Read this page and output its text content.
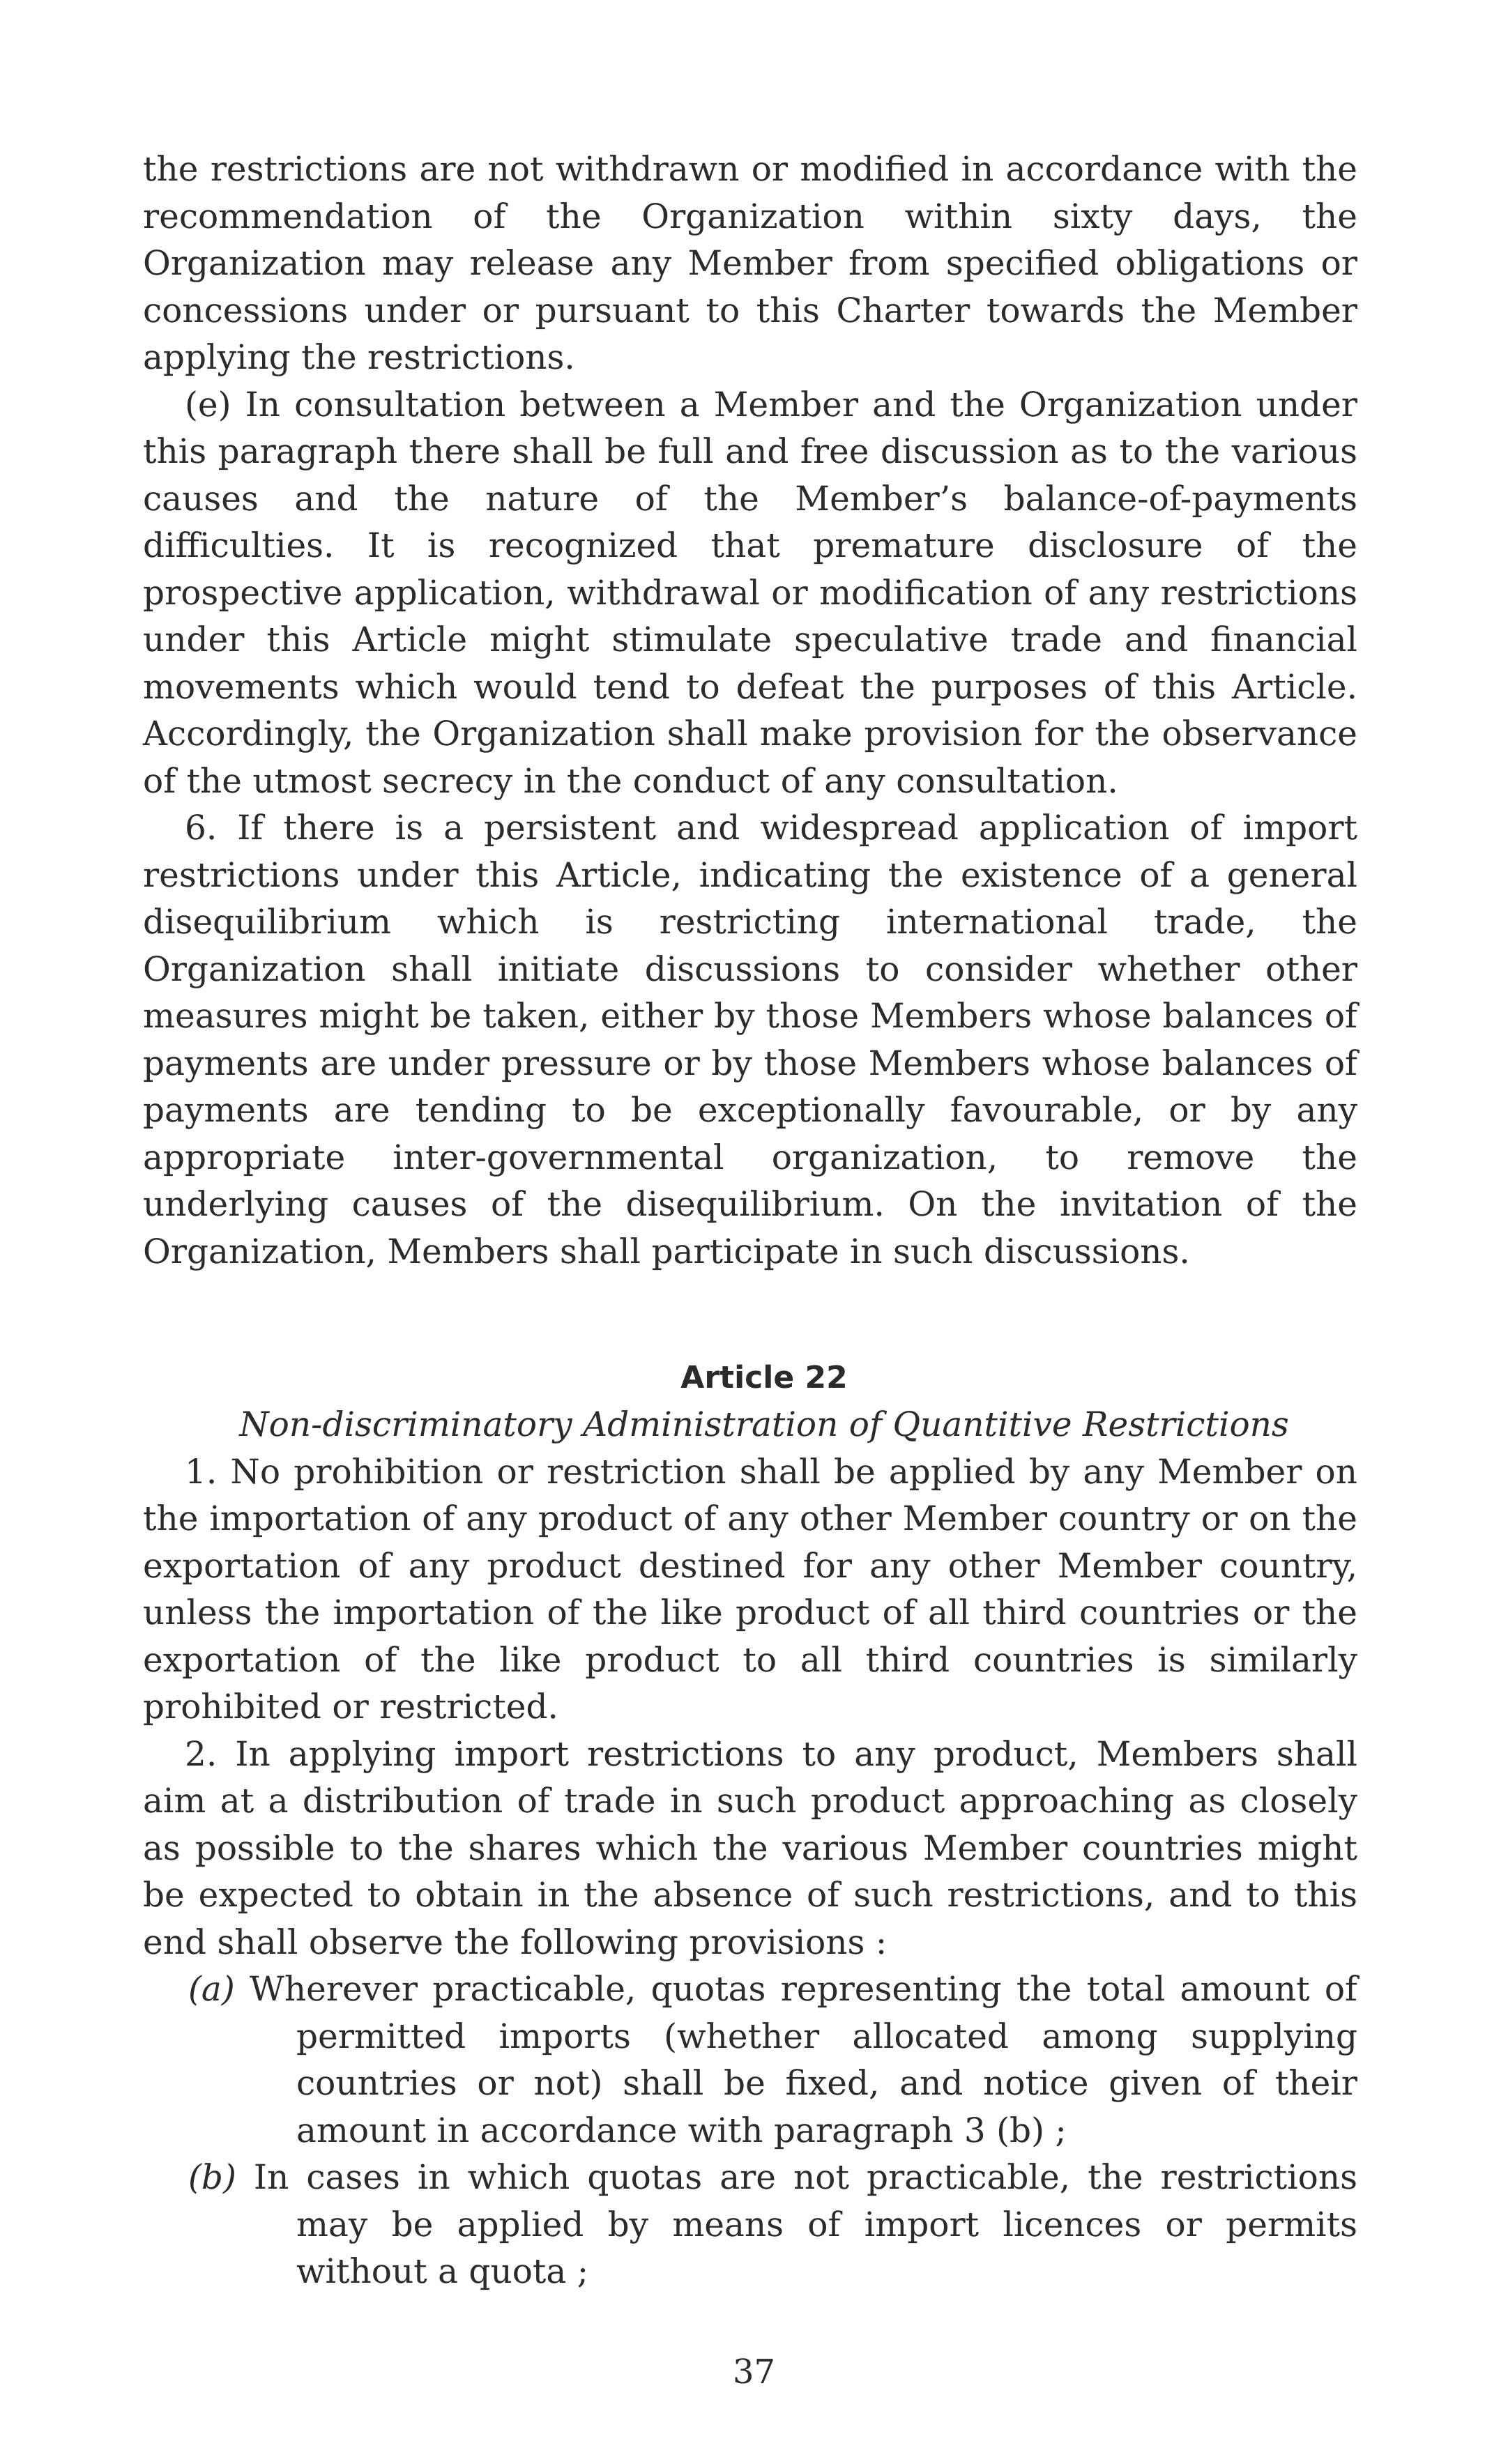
the restrictions are not withdrawn or modified in accordance with the recommendation of the Organization within sixty days, the Organization may release any Member from specified obligations or concessions under or pursuant to this Charter towards the Member applying the restrictions.

(e) In consultation between a Member and the Organization under this paragraph there shall be full and free discussion as to the various causes and the nature of the Member’s balance-of-payments difficulties. It is recognized that premature disclosure of the prospective application, withdrawal or modification of any restrictions under this Article might stimulate speculative trade and financial movements which would tend to defeat the purposes of this Article. Accordingly, the Organization shall make provision for the observance of the utmost secrecy in the conduct of any consultation.

6. If there is a persistent and widespread application of import restrictions under this Article, indicating the existence of a general disequilibrium which is restricting international trade, the Organization shall initiate discussions to consider whether other measures might be taken, either by those Members whose balances of payments are under pressure or by those Members whose balances of payments are tending to be exceptionally favourable, or by any appropriate inter-governmental organization, to remove the underlying causes of the disequilibrium. On the invitation of the Organization, Members shall participate in such discussions.

Article 22
Non-discriminatory Administration of Quantitive Restrictions

1. No prohibition or restriction shall be applied by any Member on the importation of any product of any other Member country or on the exportation of any product destined for any other Member country, unless the importation of the like product of all third countries or the exportation of the like product to all third countries is similarly prohibited or restricted.

2. In applying import restrictions to any product, Members shall aim at a distribution of trade in such product approaching as closely as possible to the shares which the various Member countries might be expected to obtain in the absence of such restrictions, and to this end shall observe the following provisions :

(a) Wherever practicable, quotas representing the total amount of permitted imports (whether allocated among supplying countries or not) shall be fixed, and notice given of their amount in accordance with paragraph 3 (b) ;

(b) In cases in which quotas are not practicable, the restrictions may be applied by means of import licences or permits without a quota ;

37
